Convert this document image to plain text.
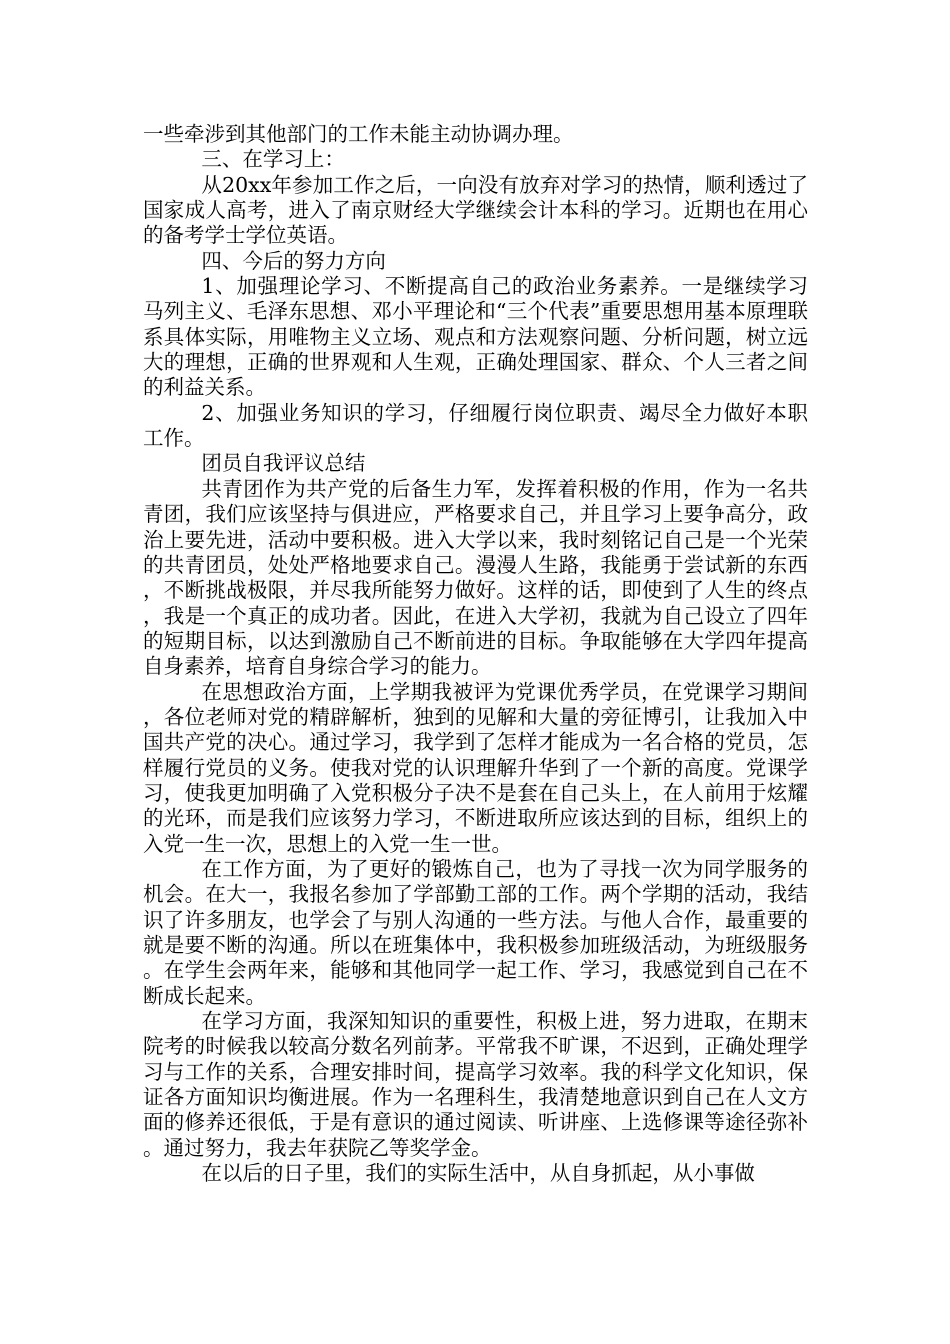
一些牵涉到其他部门的工作未能主动协调办理。

三、在学习上：

从20xx年参加工作之后，一向没有放弃对学习的热情，顺利透过了国家成人高考，进入了南京财经大学继续会计本科的学习。近期也在用心的备考学士学位英语。

四、今后的努力方向

1、加强理论学习、不断提高自己的政治业务素养。一是继续学习马列主义、毛泽东思想、邓小平理论和“三个代表”重要思想用基本原理联系具体实际，用唯物主义立场、观点和方法观察问题、分析问题，树立远大的理想，正确的世界观和人生观，正确处理国家、群众、个人三者之间的利益关系。

2、加强业务知识的学习，仔细履行岗位职责、竭尽全力做好本职工作。

团员自我评议总结

共青团作为共产党的后备生力军，发挥着积极的作用，作为一名共青团，我们应该坚持与俱进应，严格要求自己，并且学习上要争高分，政治上要先进，活动中要积极。进入大学以来，我时刻铭记自己是一个光荣的共青团员，处处严格地要求自己。漫漫人生路，我能勇于尝试新的东西，不断挑战极限，并尽我所能努力做好。这样的话，即使到了人生的终点，我是一个真正的成功者。因此，在进入大学初，我就为自己设立了四年的短期目标，以达到激励自己不断前进的目标。争取能够在大学四年提高自身素养，培育自身综合学习的能力。

在思想政治方面，上学期我被评为党课优秀学员，在党课学习期间，各位老师对党的精辟解析，独到的见解和大量的旁征博引，让我加入中国共产党的决心。通过学习，我学到了怎样才能成为一名合格的党员，怎样履行党员的义务。使我对党的认识理解升华到了一个新的高度。党课学习，使我更加明确了入党积极分子决不是套在自己头上，在人前用于炫耀的光环，而是我们应该努力学习，不断进取所应该达到的目标，组织上的入党一生一次，思想上的入党一生一世。

在工作方面，为了更好的锻炼自己，也为了寻找一次为同学服务的机会。在大一，我报名参加了学部勤工部的工作。两个学期的活动，我结识了许多朋友，也学会了与别人沟通的一些方法。与他人合作，最重要的就是要不断的沟通。所以在班集体中，我积极参加班级活动，为班级服务。在学生会两年来，能够和其他同学一起工作、学习，我感觉到自己在不断成长起来。

在学习方面，我深知知识的重要性，积极上进，努力进取，在期末院考的时候我以较高分数名列前茅。平常我不旷课，不迟到，正确处理学习与工作的关系，合理安排时间，提高学习效率。我的科学文化知识，保证各方面知识均衡进展。作为一名理科生，我清楚地意识到自己在人文方面的修养还很低，于是有意识的通过阅读、听讲座、上选修课等途径弥补。通过努力，我去年获院乙等奖学金。

在以后的日子里，我们的实际生活中，从自身抓起，从小事做
